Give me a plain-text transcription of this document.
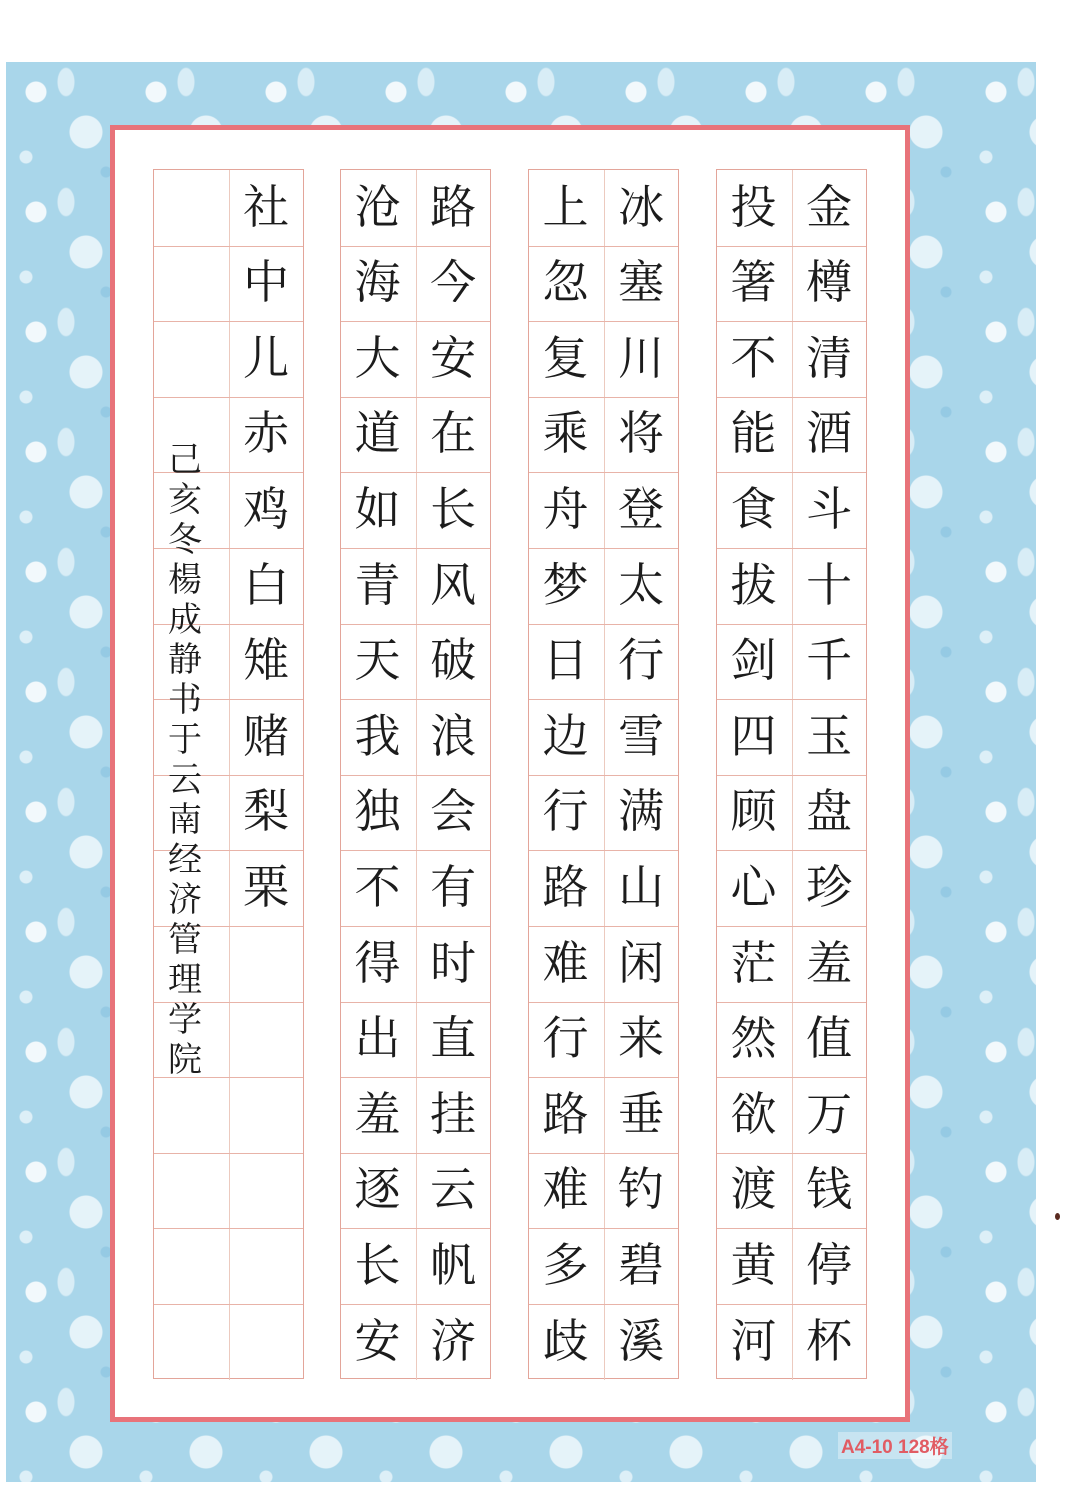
金
樽
清
酒
斗
十
千
玉
盘
珍
羞
值
万
钱
停
杯
投
箸
不
能
食
拔
剑
四
顾
心
茫
然
欲
渡
黄
河
冰
塞
川
将
登
太
行
雪
满
山
闲
来
垂
钓
碧
溪
上
忽
复
乘
舟
梦
日
边
行
路
难
行
路
难
多
歧
路
今
安
在
长
风
破
浪
会
有
时
直
挂
云
帆
济
沧
海
大
道
如
青
天
我
独
不
得
出
羞
逐
长
安
社
中
儿
赤
鸡
白
雉
赌
梨
栗
己
亥
冬
楊
成
静
书
于
云
南
经
济
管
理
学
院
A4-10 128格
